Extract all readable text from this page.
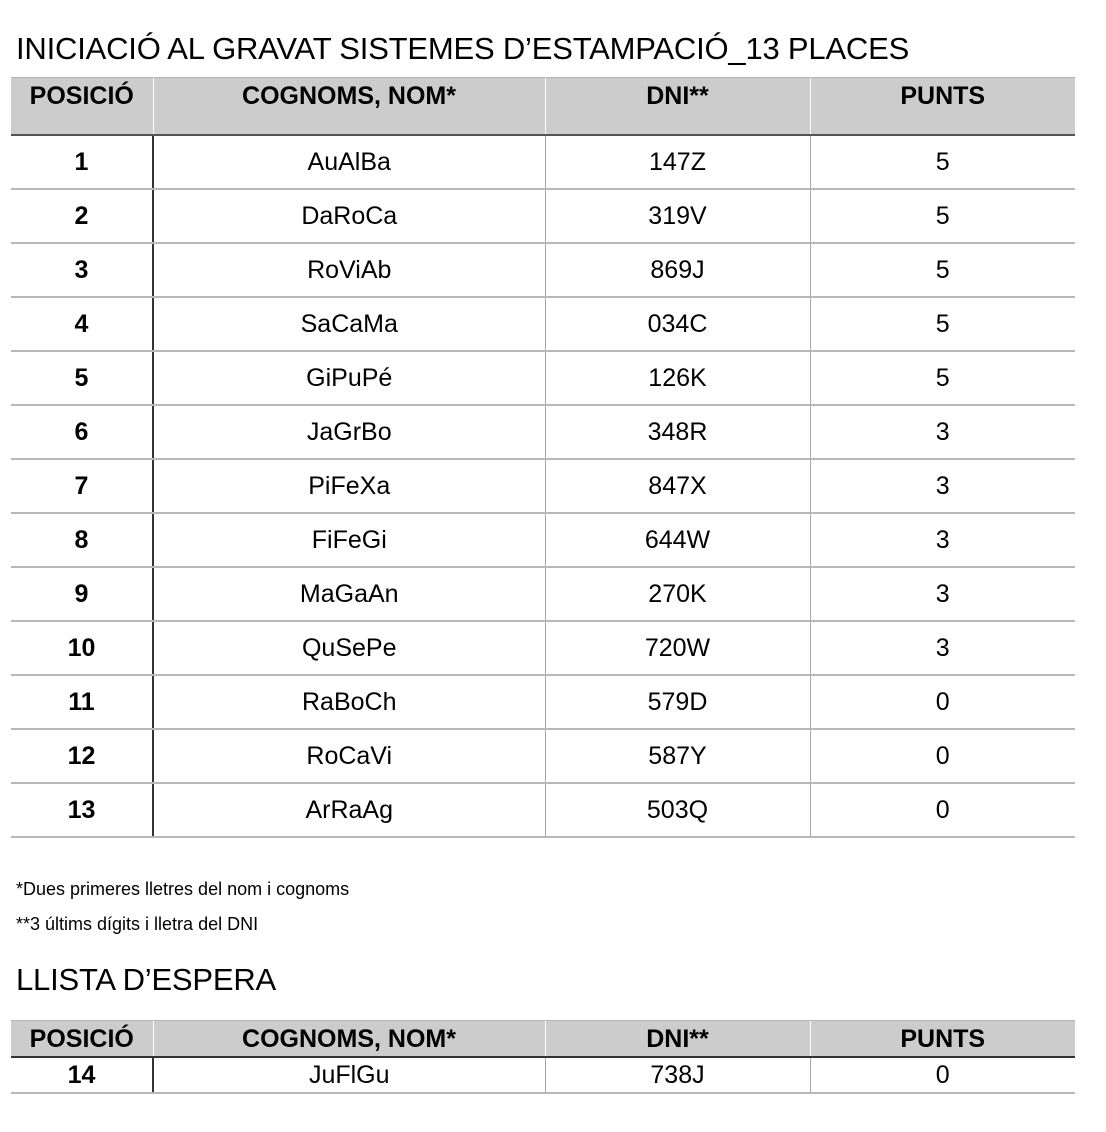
INICIACIÓ AL GRAVAT SISTEMES D’ESTAMPACIÓ_13 PLACES
POSICIÓ	COGNOMS, NOM*	DNI**	PUNTS
1	AuAlBa	147Z	5
2	DaRoCa	319V	5
3	RoViAb	869J	5
4	SaCaMa	034C	5
5	GiPuPé	126K	5
6	JaGrBo	348R	3
7	PiFeXa	847X	3
8	FiFeGi	644W	3
9	MaGaAn	270K	3
10	QuSePe	720W	3
11	RaBoCh	579D	0
12	RoCaVi	587Y	0
13	ArRaAg	503Q	0
*Dues primeres lletres del nom i cognoms
**3 últims dígits i lletra del DNI
LLISTA D’ESPERA
POSICIÓ	COGNOMS, NOM*	DNI**	PUNTS
14	JuFlGu	738J	0
